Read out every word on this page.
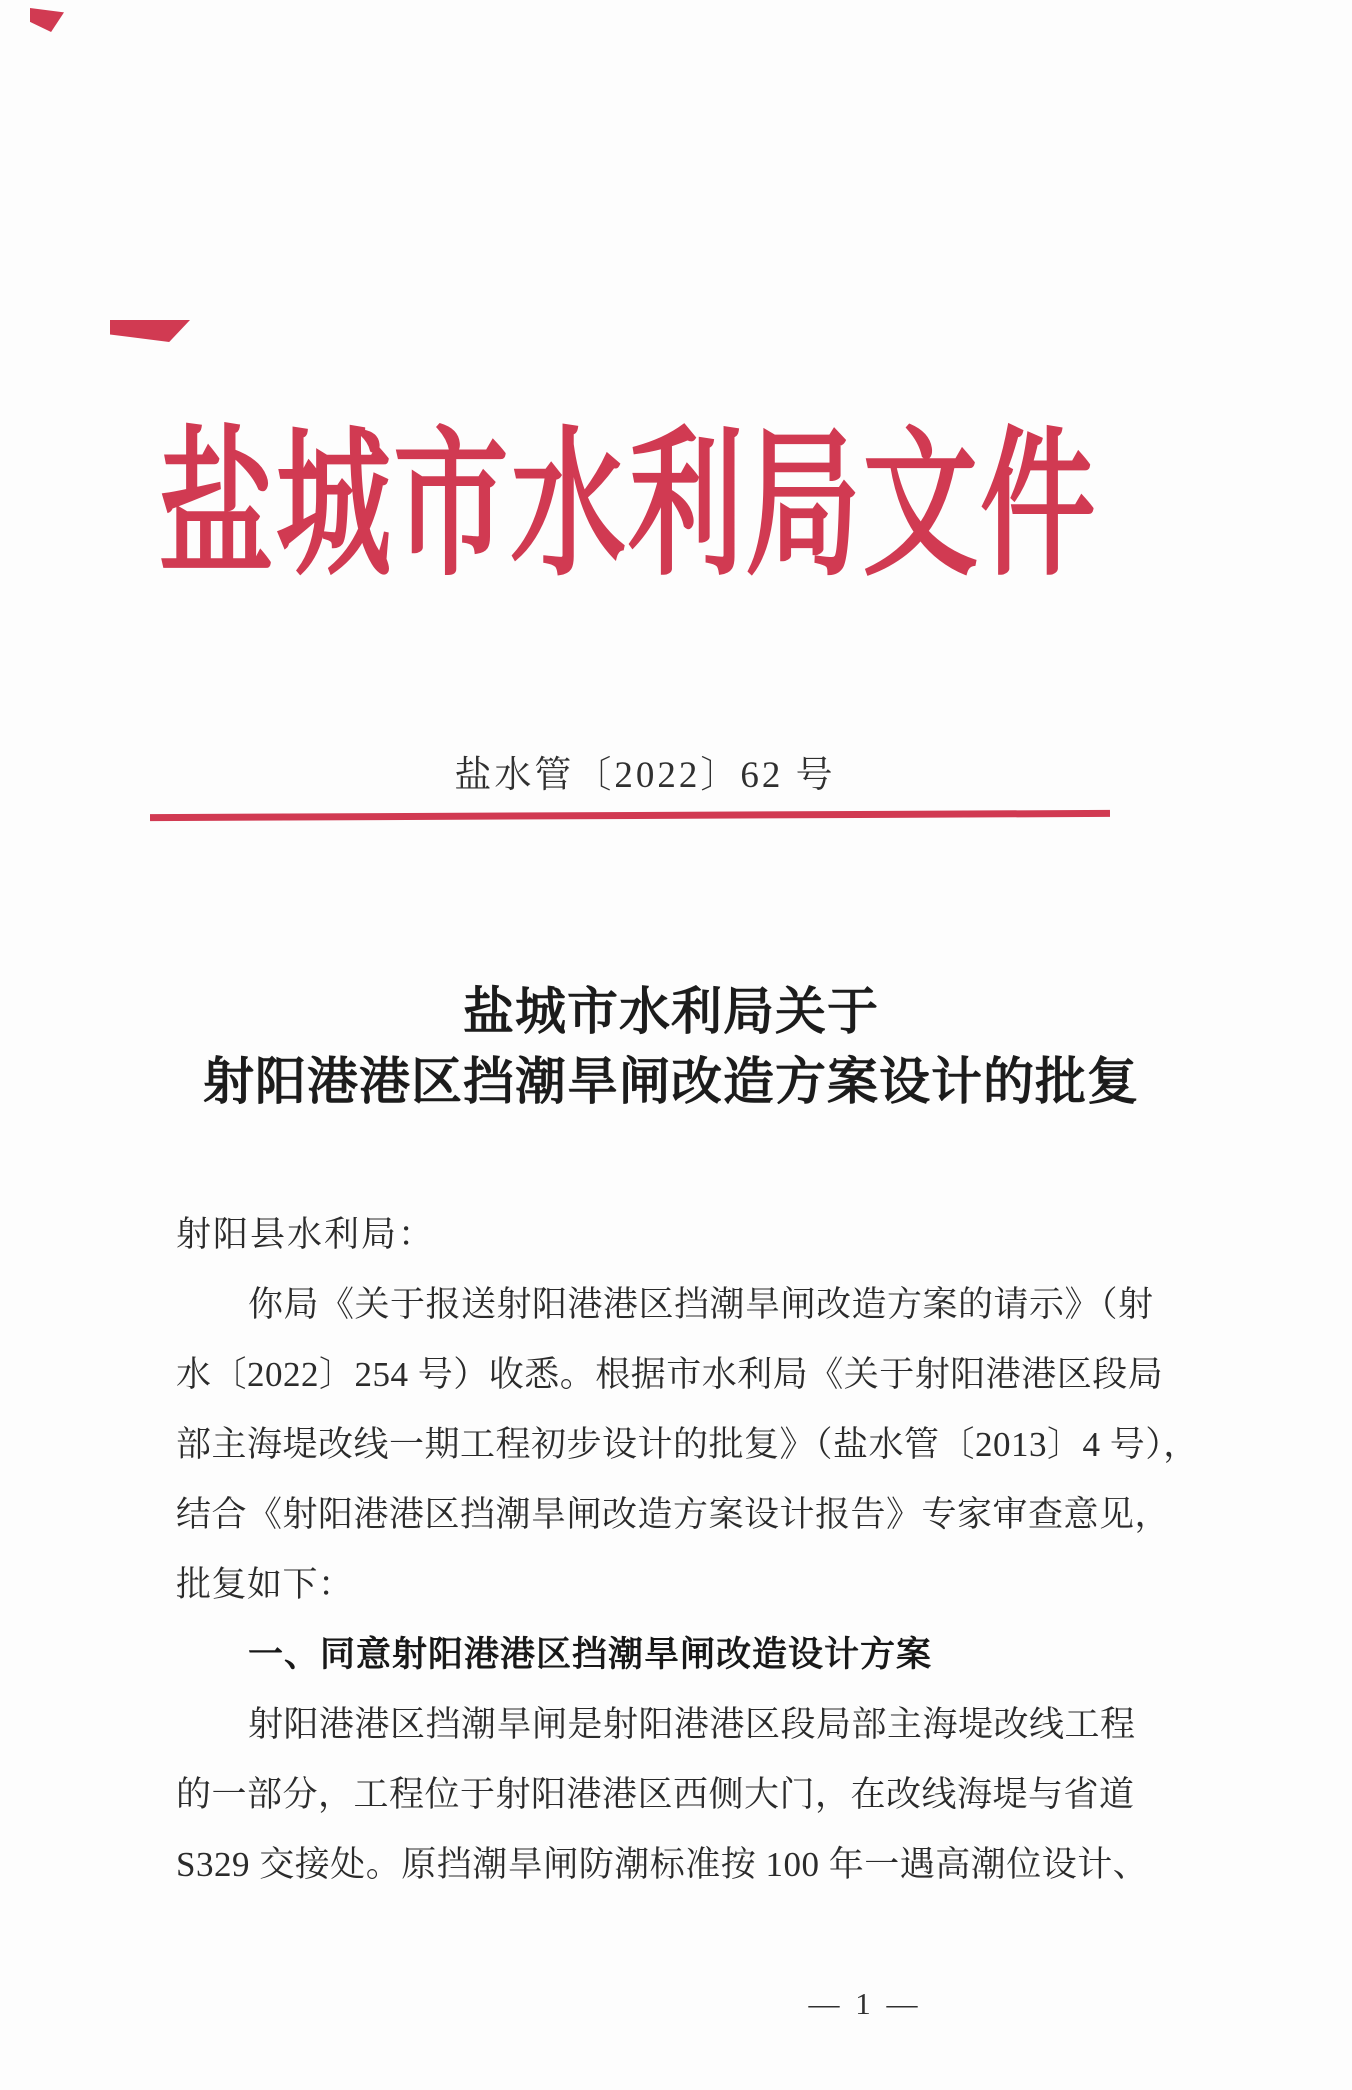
盐城市水利局文件
盐水管〔2022〕62 号
盐城市水利局关于
射阳港港区挡潮旱闸改造方案设计的批复
射阳县水利局：
你局《关于报送射阳港港区挡潮旱闸改造方案的请示》（射
水〔2022〕254 号）收悉。根据市水利局《关于射阳港港区段局
部主海堤改线一期工程初步设计的批复》（盐水管〔2013〕4 号），
结合《射阳港港区挡潮旱闸改造方案设计报告》专家审查意见，
批复如下：
一、同意射阳港港区挡潮旱闸改造设计方案
射阳港港区挡潮旱闸是射阳港港区段局部主海堤改线工程
的一部分，工程位于射阳港港区西侧大门，在改线海堤与省道
S329 交接处。原挡潮旱闸防潮标准按 100 年一遇高潮位设计、
— 1 —
